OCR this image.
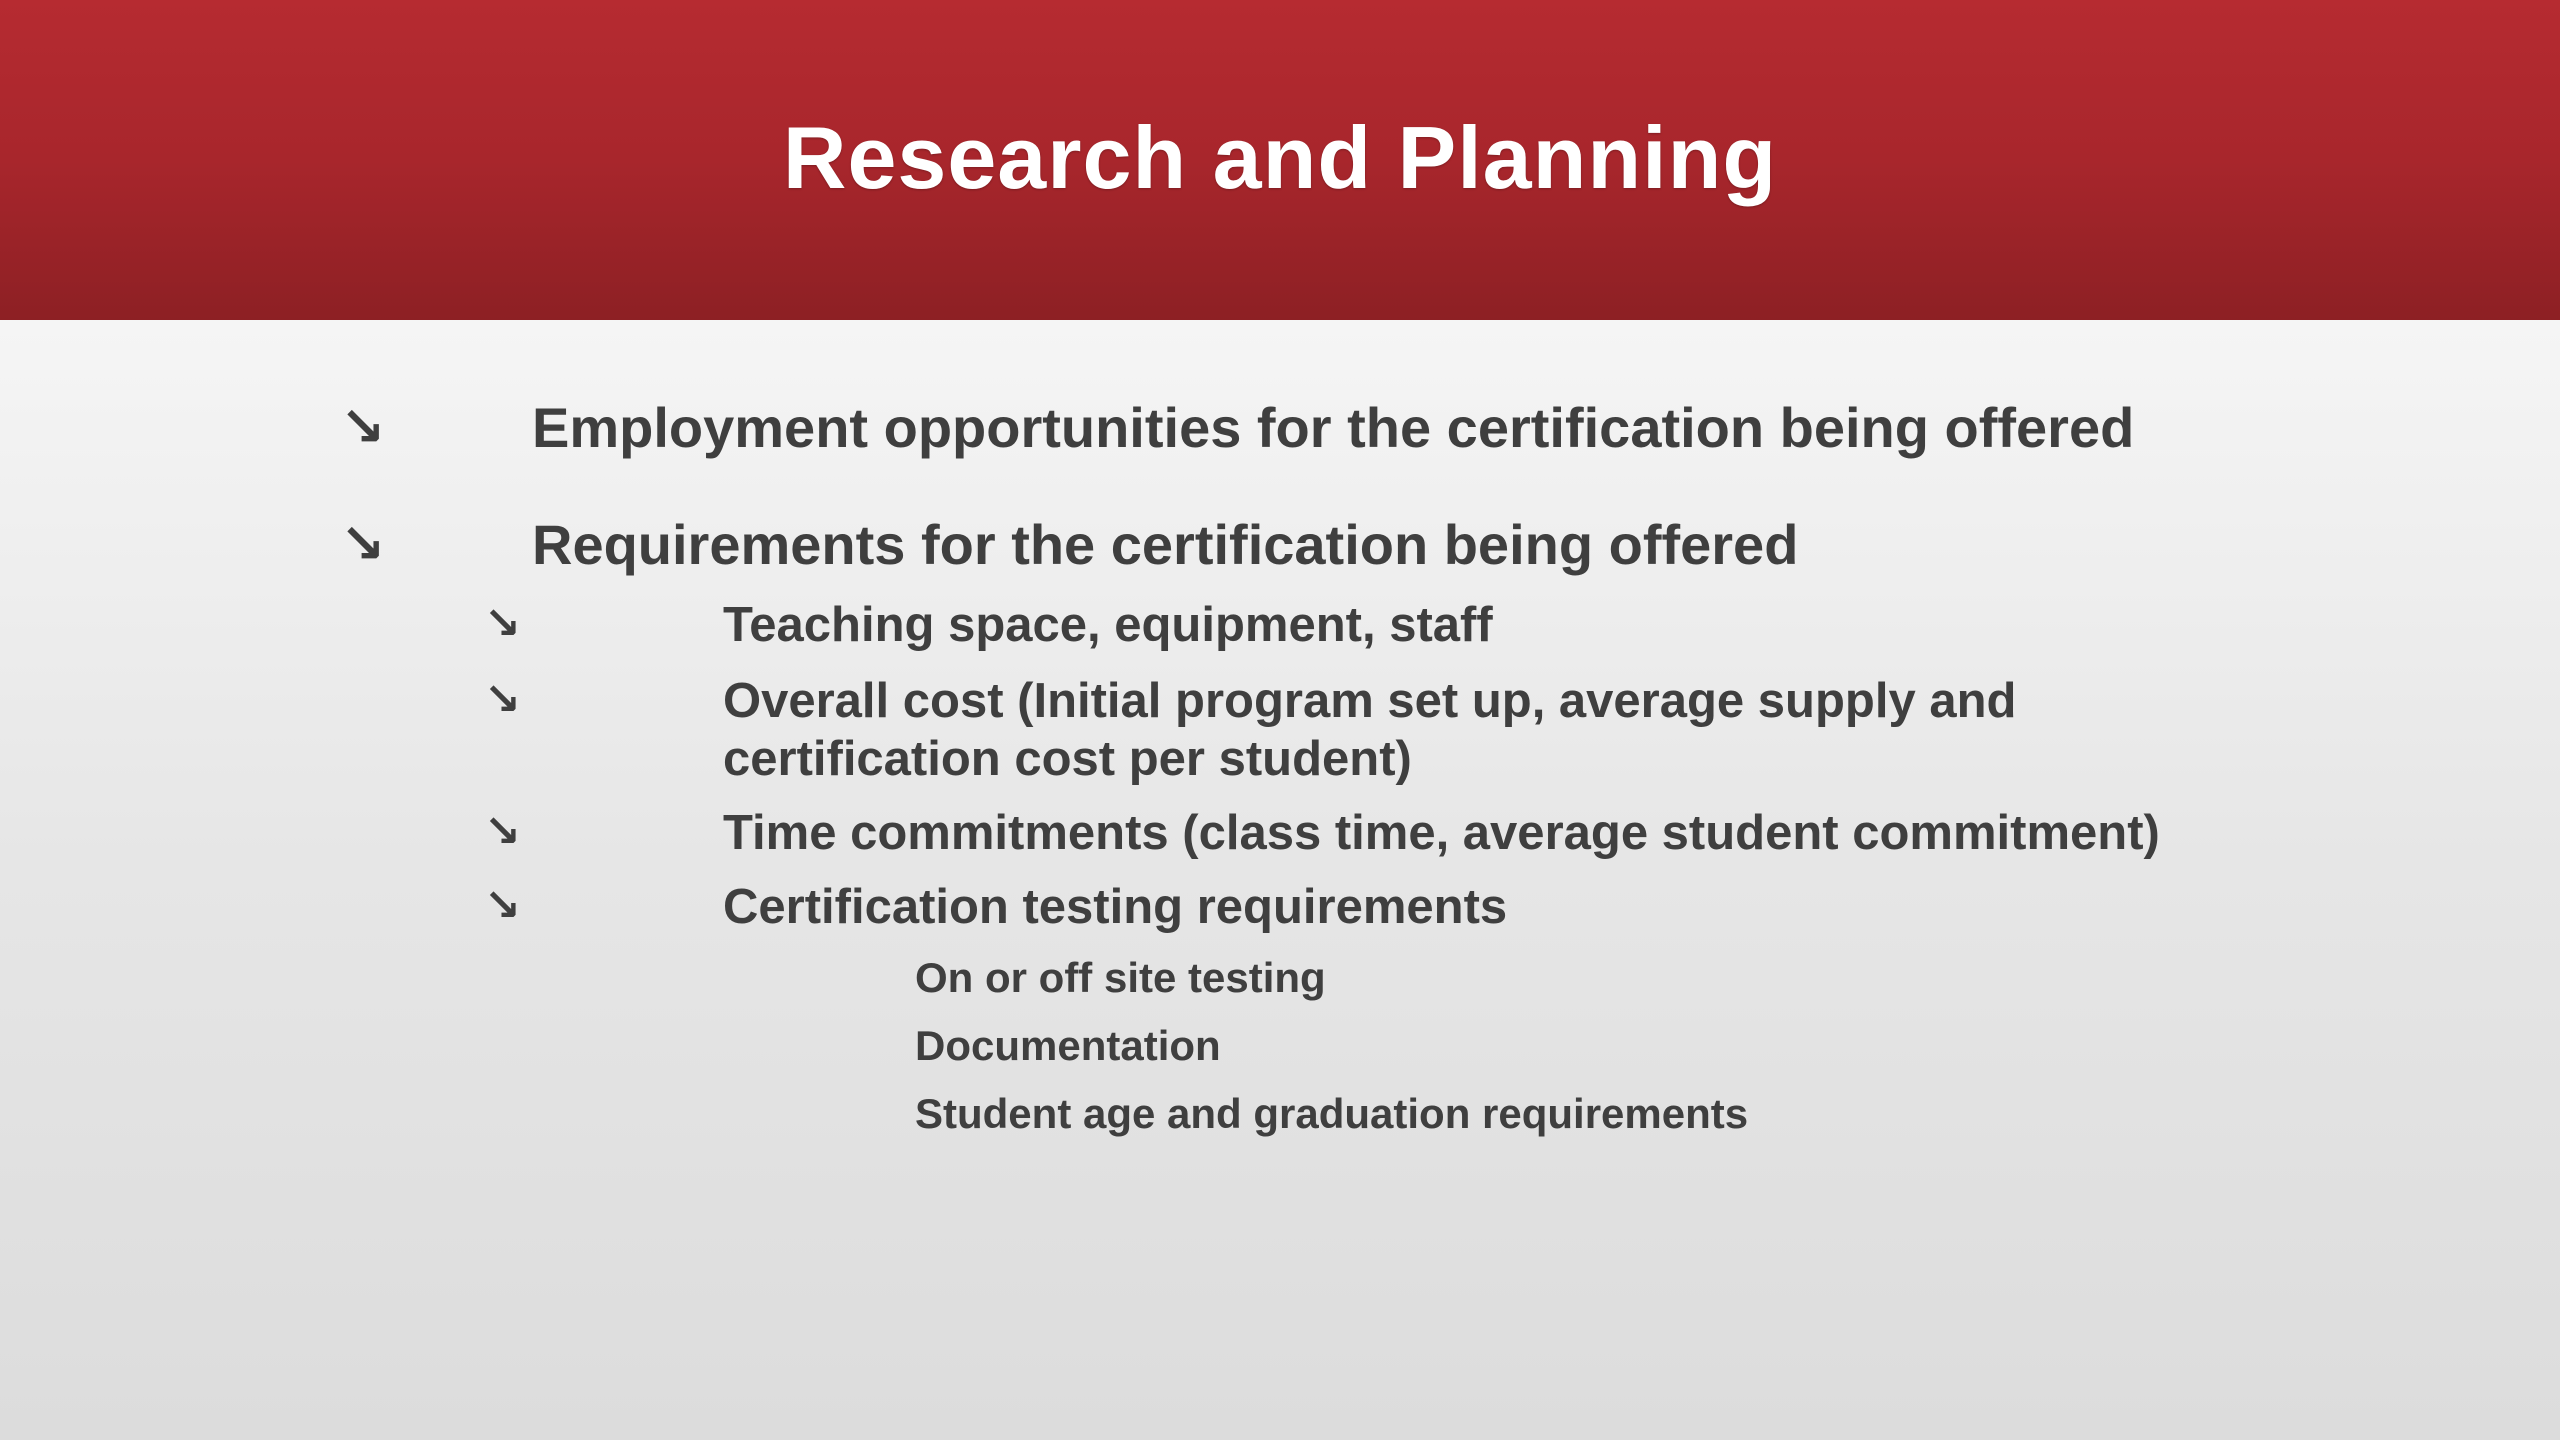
Research and Planning
↘	Employment opportunities for the certification being offered
↘	Requirements for the certification being offered
↘	Teaching space, equipment, staff
↘	Overall cost (Initial program set up, average supply and
certification cost per student)
↘	Time commitments (class time, average student commitment)
↘	Certification testing requirements
On or off site testing
Documentation
Student age and graduation requirements
